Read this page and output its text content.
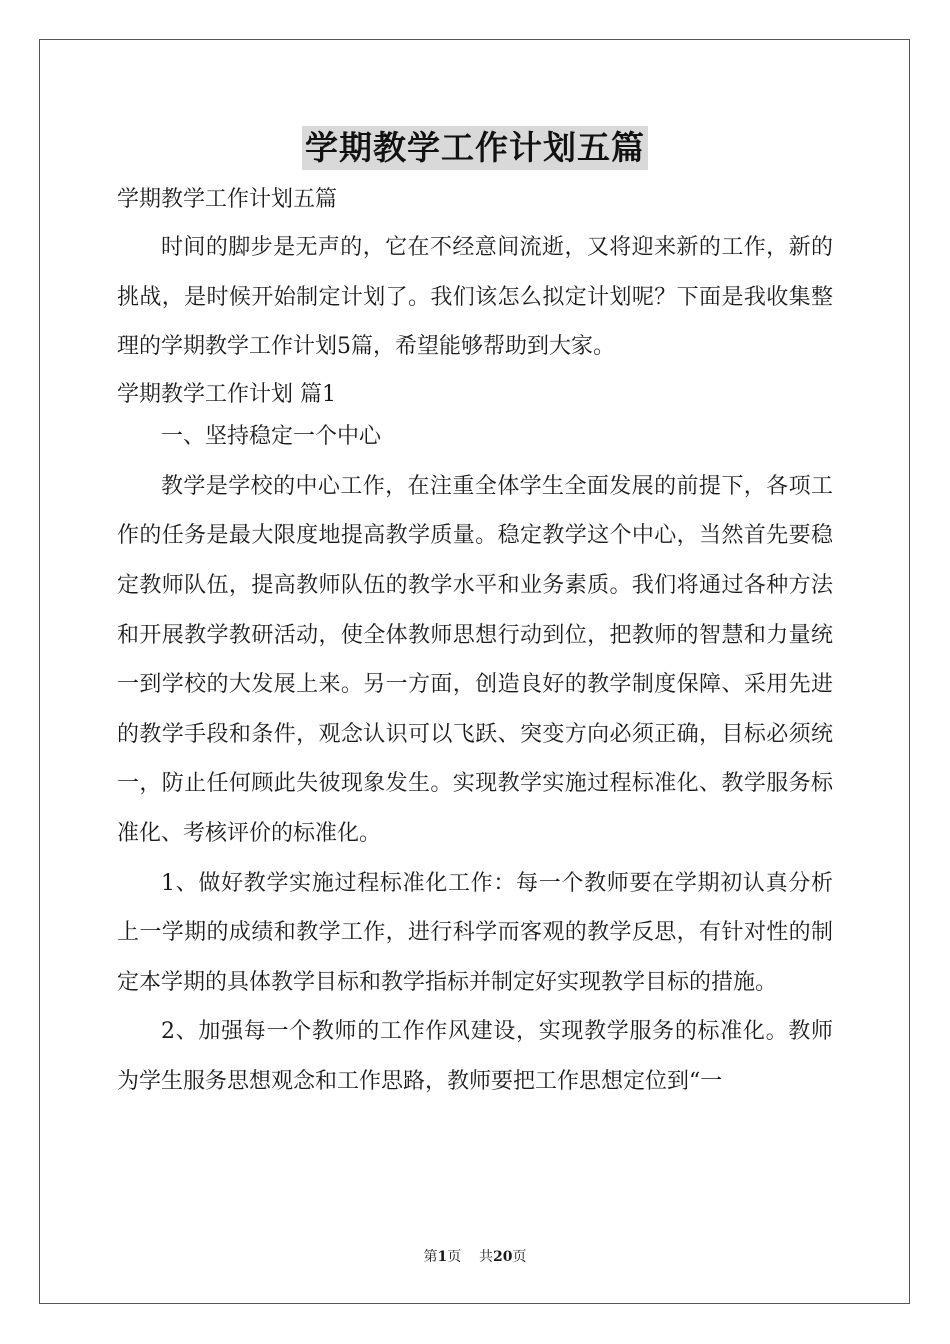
学期教学工作计划五篇

学期教学工作计划五篇

时间的脚步是无声的，它在不经意间流逝，又将迎来新的工作，新的挑战，是时候开始制定计划了。我们该怎么拟定计划呢？下面是我收集整理的学期教学工作计划5篇，希望能够帮助到大家。

学期教学工作计划 篇1

一、坚持稳定一个中心

教学是学校的中心工作，在注重全体学生全面发展的前提下，各项工作的任务是最大限度地提高教学质量。稳定教学这个中心，当然首先要稳定教师队伍，提高教师队伍的教学水平和业务素质。我们将通过各种方法和开展教学教研活动，使全体教师思想行动到位，把教师的智慧和力量统一到学校的大发展上来。另一方面，创造良好的教学制度保障、采用先进的教学手段和条件，观念认识可以飞跃、突变方向必须正确，目标必须统一，防止任何顾此失彼现象发生。实现教学实施过程标准化、教学服务标准化、考核评价的标准化。

1、做好教学实施过程标准化工作：每一个教师要在学期初认真分析上一学期的成绩和教学工作，进行科学而客观的教学反思，有针对性的制定本学期的具体教学目标和教学指标并制定好实现教学目标的措施。

2、加强每一个教师的工作作风建设，实现教学服务的标准化。教师为学生服务思想观念和工作思路，教师要把工作思想定位到“一

第1页    共20页
